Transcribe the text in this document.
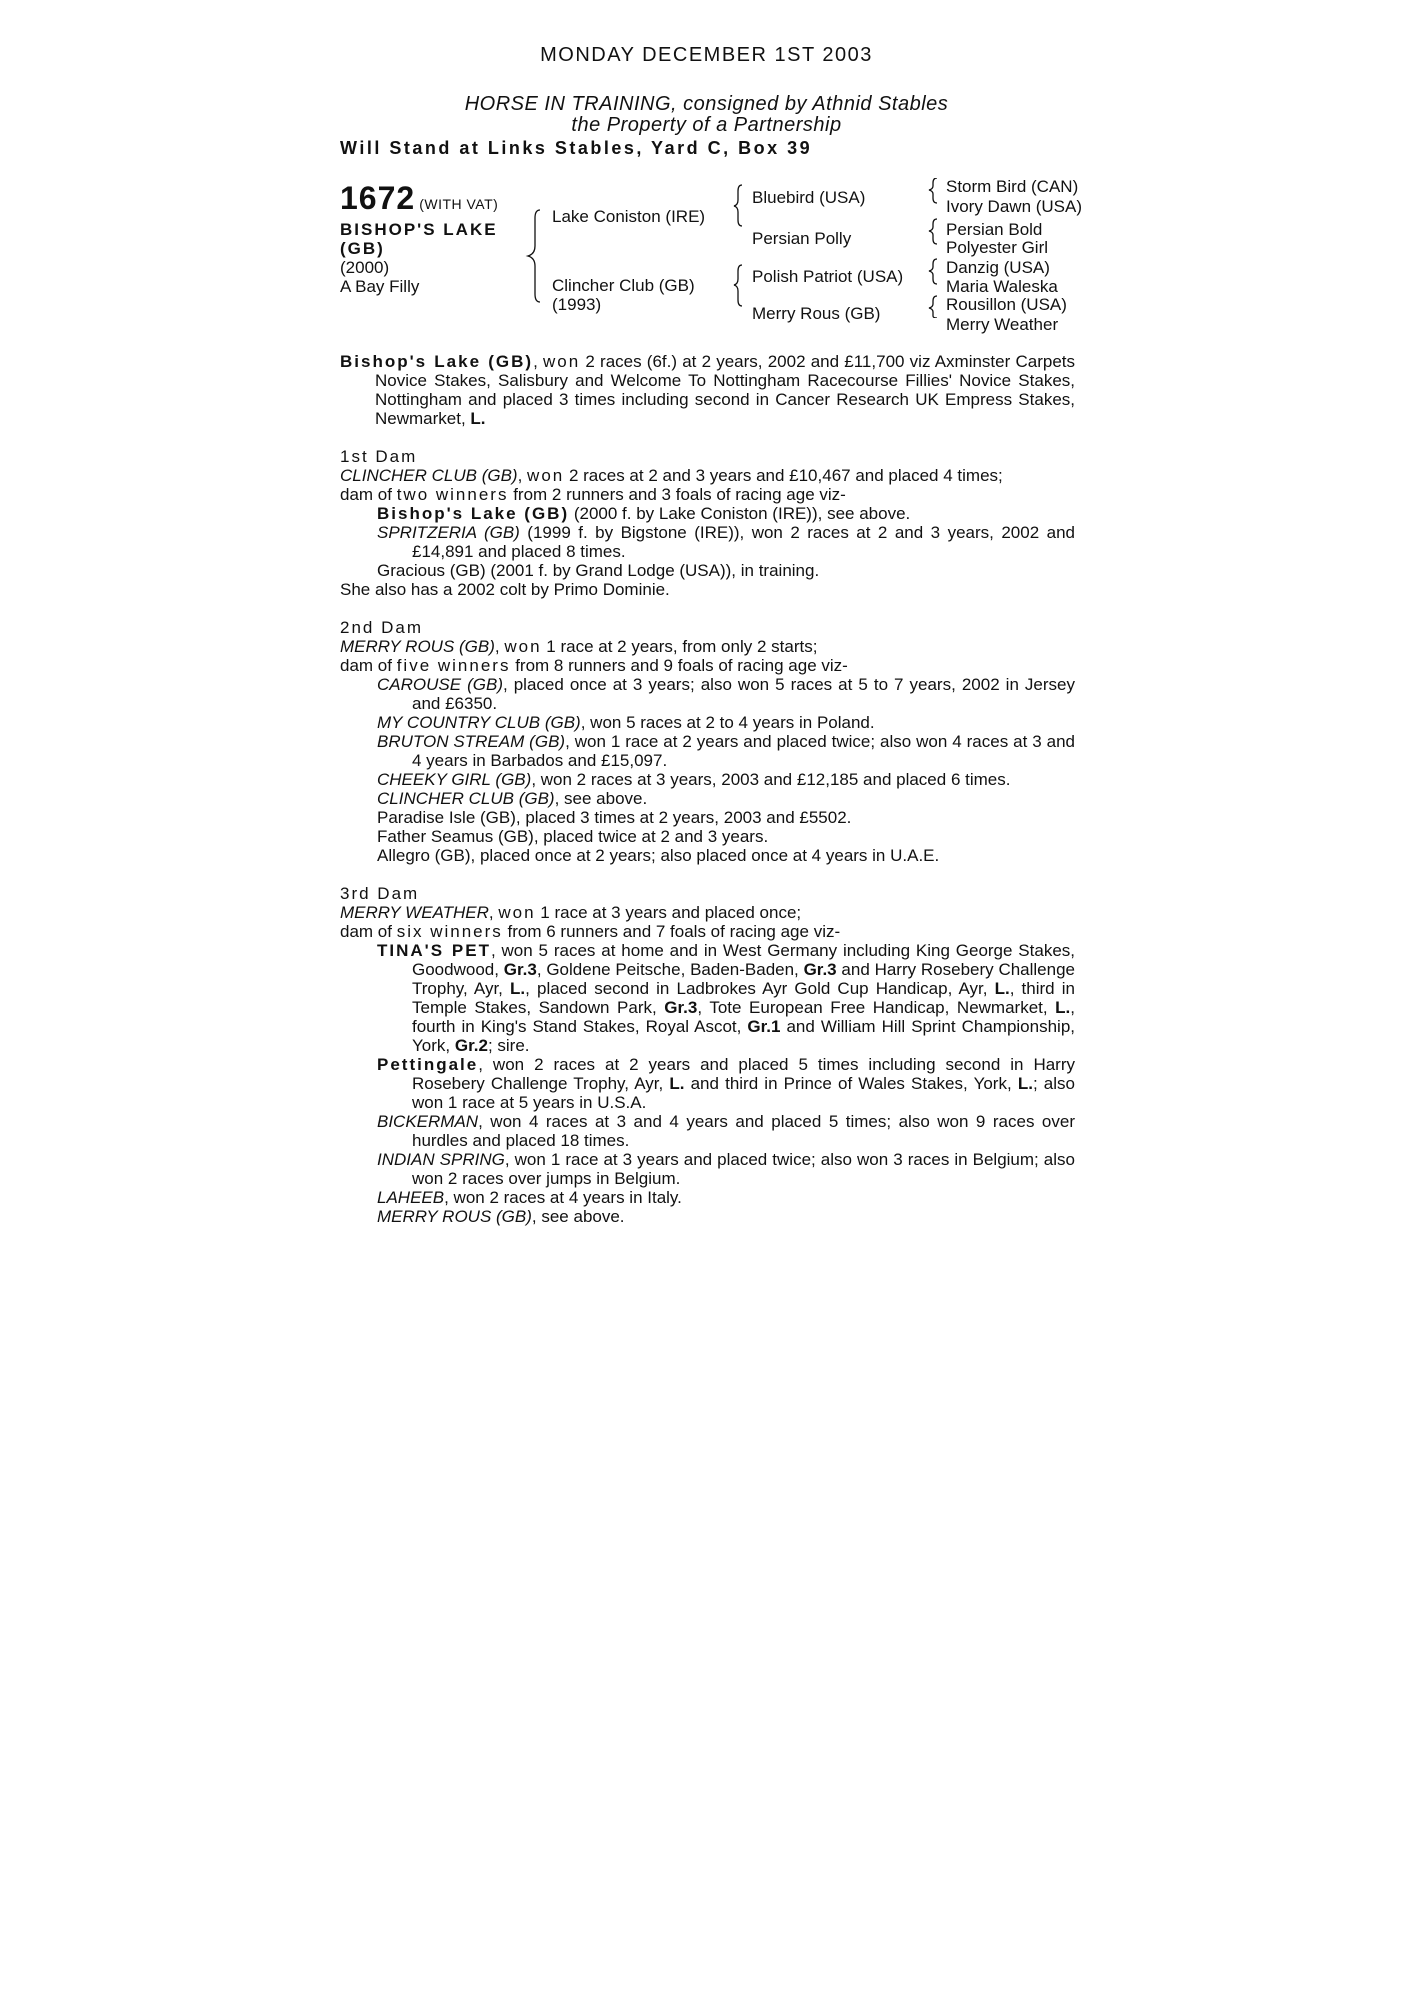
MONDAY DECEMBER 1ST 2003
HORSE IN TRAINING, consigned by Athnid Stables
the Property of a Partnership
Will Stand at Links Stables, Yard C, Box 39
1672 (WITH VAT)
BISHOP'S LAKE
(GB)
(2000)
A Bay Filly
Lake Coniston (IRE)
Clincher Club (GB)
(1993)
Bluebird (USA)
Persian Polly
Polish Patriot (USA)
Merry Rous (GB)
Storm Bird (CAN)
Ivory Dawn (USA)
Persian Bold
Polyester Girl
Danzig (USA)
Maria Waleska
Rousillon (USA)
Merry Weather

Bishop's Lake (GB), won 2 races (6f.) at 2 years, 2002 and £11,700 viz Axminster Carpets Novice Stakes, Salisbury and Welcome To Nottingham Racecourse Fillies' Novice Stakes, Nottingham and placed 3 times including second in Cancer Research UK Empress Stakes, Newmarket, L.

1st Dam
CLINCHER CLUB (GB), won 2 races at 2 and 3 years and £10,467 and placed 4 times;
dam of two winners from 2 runners and 3 foals of racing age viz-
Bishop's Lake (GB) (2000 f. by Lake Coniston (IRE)), see above.
SPRITZERIA (GB) (1999 f. by Bigstone (IRE)), won 2 races at 2 and 3 years, 2002 and £14,891 and placed 8 times.
Gracious (GB) (2001 f. by Grand Lodge (USA)), in training.
She also has a 2002 colt by Primo Dominie.
2nd Dam
MERRY ROUS (GB), won 1 race at 2 years, from only 2 starts;
dam of five winners from 8 runners and 9 foals of racing age viz-
CAROUSE (GB), placed once at 3 years; also won 5 races at 5 to 7 years, 2002 in Jersey and £6350.
MY COUNTRY CLUB (GB), won 5 races at 2 to 4 years in Poland.
BRUTON STREAM (GB), won 1 race at 2 years and placed twice; also won 4 races at 3 and 4 years in Barbados and £15,097.
CHEEKY GIRL (GB), won 2 races at 3 years, 2003 and £12,185 and placed 6 times.
CLINCHER CLUB (GB), see above.
Paradise Isle (GB), placed 3 times at 2 years, 2003 and £5502.
Father Seamus (GB), placed twice at 2 and 3 years.
Allegro (GB), placed once at 2 years; also placed once at 4 years in U.A.E.
3rd Dam
MERRY WEATHER, won 1 race at 3 years and placed once;
dam of six winners from 6 runners and 7 foals of racing age viz-
TINA'S PET, won 5 races at home and in West Germany including King George Stakes, Goodwood, Gr.3, Goldene Peitsche, Baden-Baden, Gr.3 and Harry Rosebery Challenge Trophy, Ayr, L., placed second in Ladbrokes Ayr Gold Cup Handicap, Ayr, L., third in Temple Stakes, Sandown Park, Gr.3, Tote European Free Handicap, Newmarket, L., fourth in King's Stand Stakes, Royal Ascot, Gr.1 and William Hill Sprint Championship, York, Gr.2; sire.
Pettingale, won 2 races at 2 years and placed 5 times including second in Harry Rosebery Challenge Trophy, Ayr, L. and third in Prince of Wales Stakes, York, L.; also won 1 race at 5 years in U.S.A.
BICKERMAN, won 4 races at 3 and 4 years and placed 5 times; also won 9 races over hurdles and placed 18 times.
INDIAN SPRING, won 1 race at 3 years and placed twice; also won 3 races in Belgium; also won 2 races over jumps in Belgium.
LAHEEB, won 2 races at 4 years in Italy.
MERRY ROUS (GB), see above.
